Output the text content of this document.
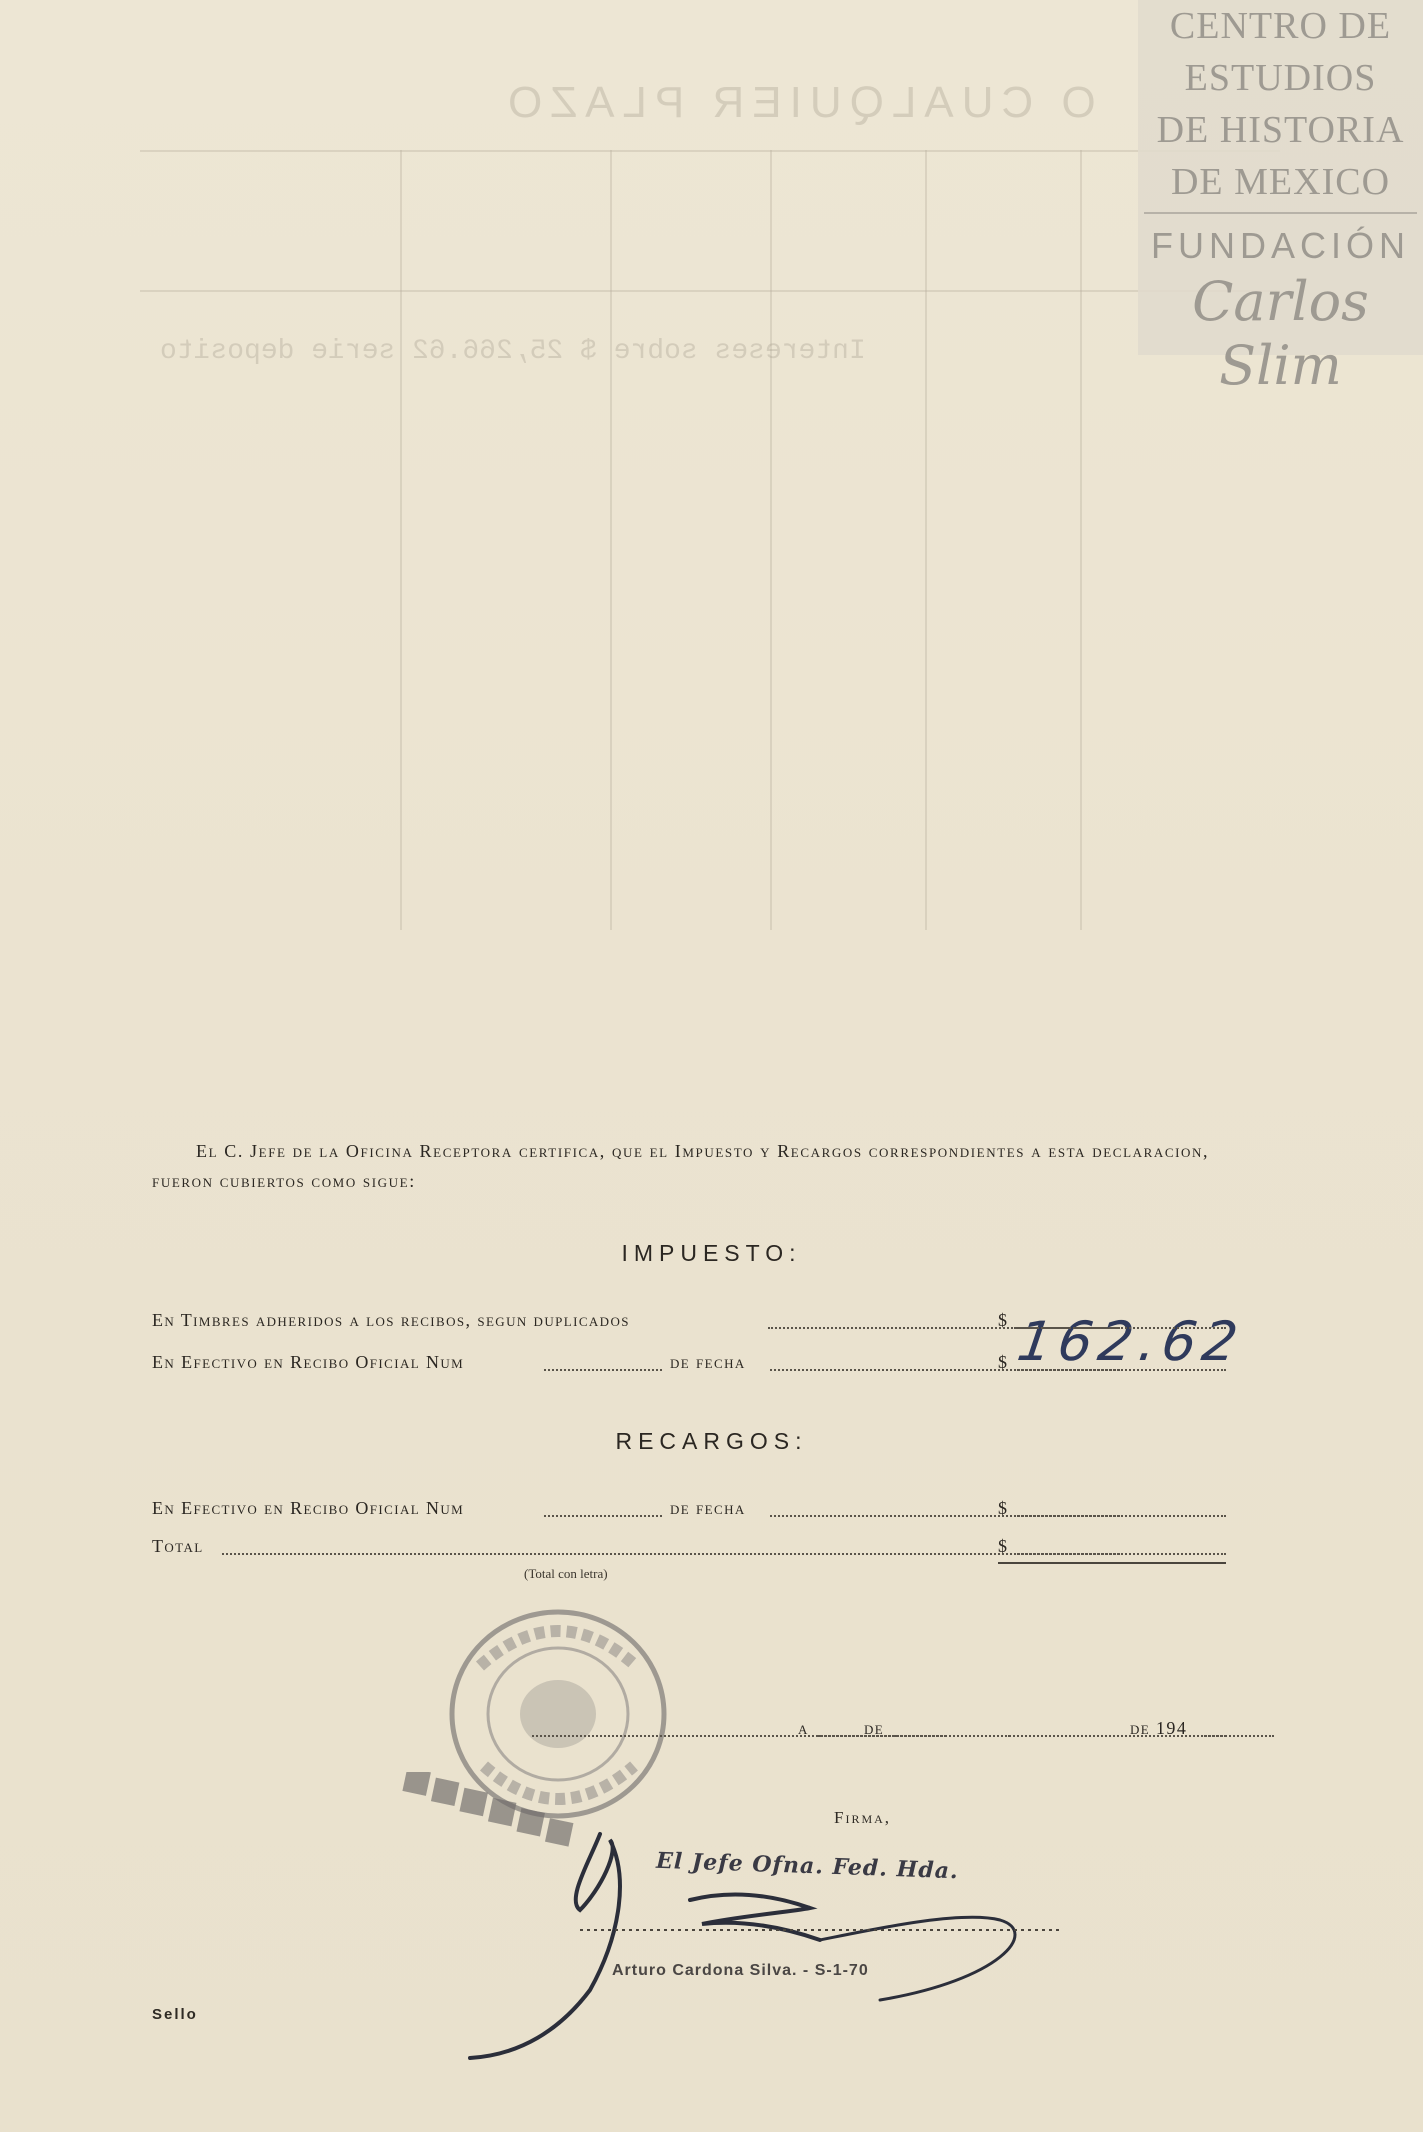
O CUALQUIER PLAZO
Intereses sobre $ 25,266.62 serie deposito
CENTRO DE
ESTUDIOS
DE HISTORIA
DE MEXICO
FUNDACIÓN
Carlos Slim
El C. Jefe de la Oficina Receptora certifica, que el Impuesto y Recargos correspondientes a esta declaracion, fueron cubiertos como sigue:
IMPUESTO:
En Timbres adheridos a los recibos, segun duplicados	$ 162.62
En Efectivo en Recibo Oficial Num	de fecha	$
RECARGOS:
En Efectivo en Recibo Oficial Num	de fecha	$
Total	$
(Total con letra)
a	de	de 194
Firma,
El Jefe Ofna. Fed. Hda.
Arturo Cardona Silva. - S-1-70
Sello
